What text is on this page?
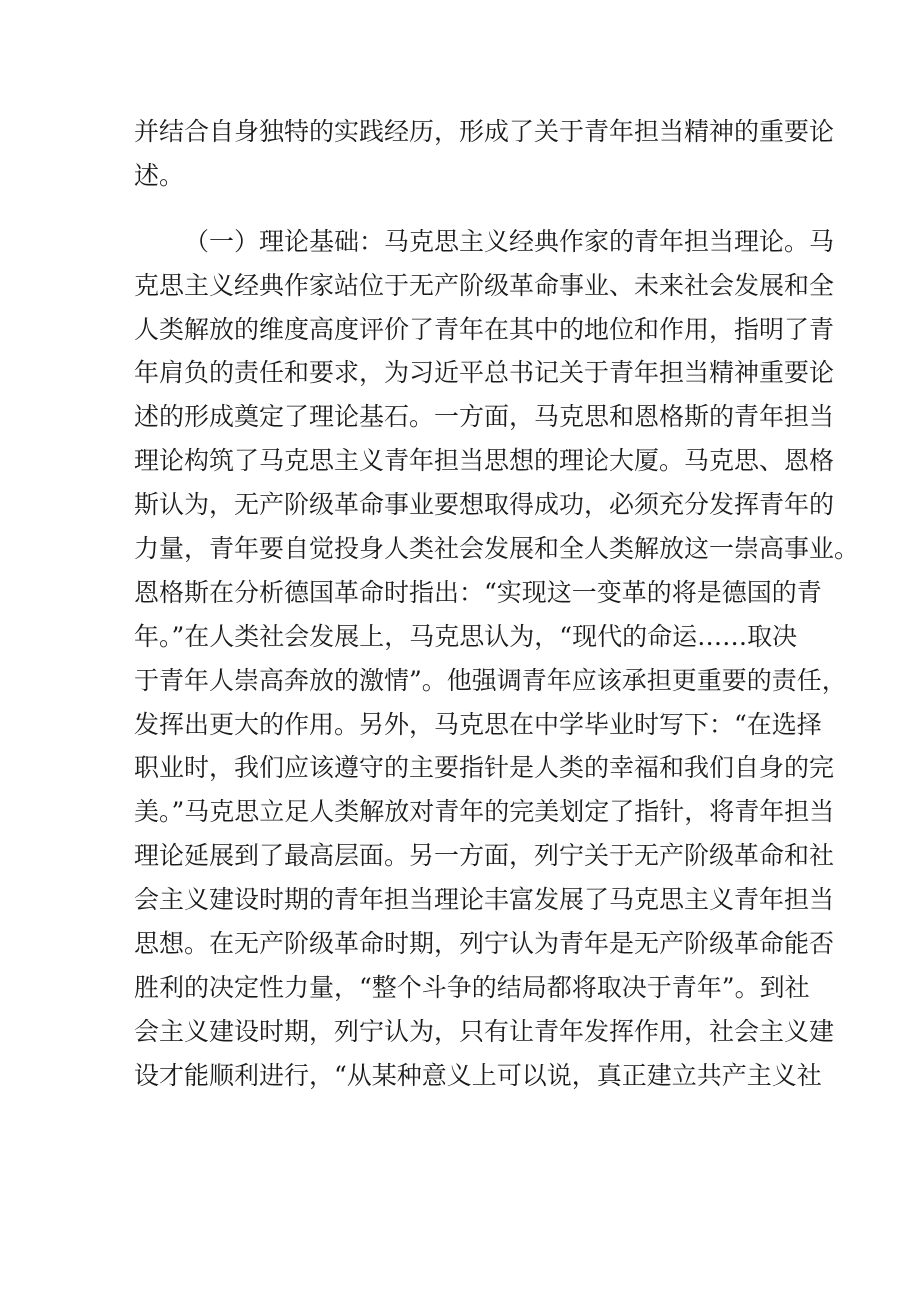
并结合自身独特的实践经历，形成了关于青年担当精神的重要论
述。
（一）理论基础：马克思主义经典作家的青年担当理论。马
克思主义经典作家站位于无产阶级革命事业、未来社会发展和全
人类解放的维度高度评价了青年在其中的地位和作用，指明了青
年肩负的责任和要求，为习近平总书记关于青年担当精神重要论
述的形成奠定了理论基石。一方面，马克思和恩格斯的青年担当
理论构筑了马克思主义青年担当思想的理论大厦。马克思、恩格
斯认为，无产阶级革命事业要想取得成功，必须充分发挥青年的
力量，青年要自觉投身人类社会发展和全人类解放这一崇高事业。
恩格斯在分析德国革命时指出：“实现这一变革的将是德国的青
年。”在人类社会发展上，马克思认为，“现代的命运……取决
于青年人崇高奔放的激情”。他强调青年应该承担更重要的责任，
发挥出更大的作用。另外，马克思在中学毕业时写下：“在选择
职业时，我们应该遵守的主要指针是人类的幸福和我们自身的完
美。”马克思立足人类解放对青年的完美划定了指针，将青年担当
理论延展到了最高层面。另一方面，列宁关于无产阶级革命和社
会主义建设时期的青年担当理论丰富发展了马克思主义青年担当
思想。在无产阶级革命时期，列宁认为青年是无产阶级革命能否
胜利的决定性力量，“整个斗争的结局都将取决于青年”。到社
会主义建设时期，列宁认为，只有让青年发挥作用，社会主义建
设才能顺利进行，“从某种意义上可以说，真正建立共产主义社
